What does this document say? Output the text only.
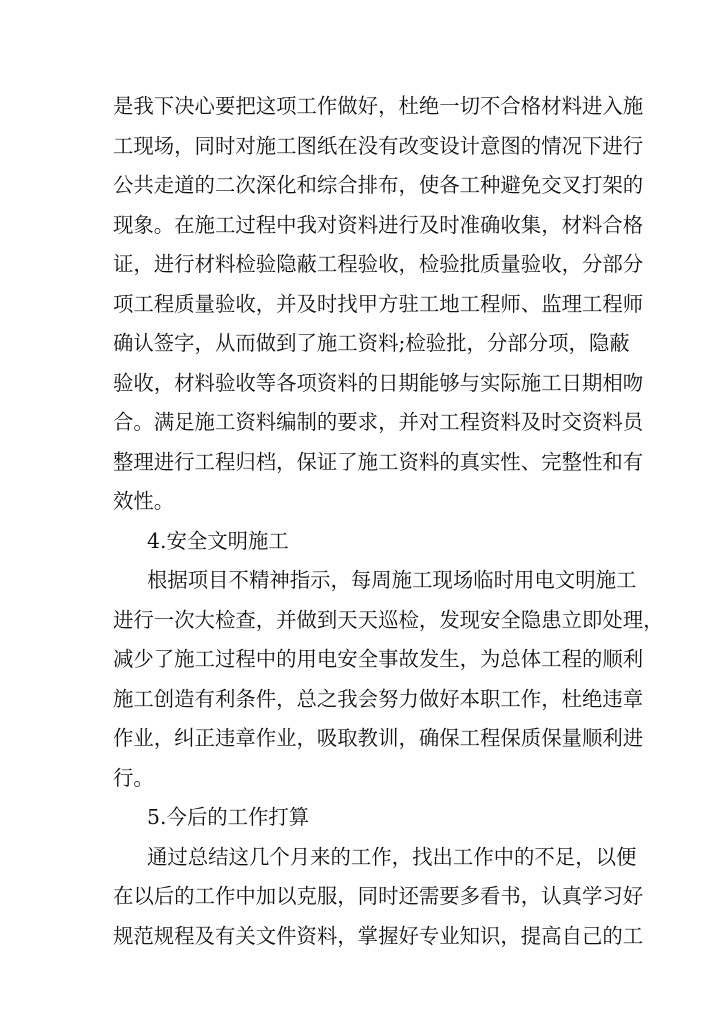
是我下决心要把这项工作做好，杜绝一切不合格材料进入施
工现场，同时对施工图纸在没有改变设计意图的情况下进行
公共走道的二次深化和综合排布，使各工种避免交叉打架的
现象。在施工过程中我对资料进行及时准确收集，材料合格
证，进行材料检验隐蔽工程验收，检验批质量验收，分部分
项工程质量验收，并及时找甲方驻工地工程师、监理工程师
确认签字，从而做到了施工资料;检验批，分部分项，隐蔽
验收，材料验收等各项资料的日期能够与实际施工日期相吻
合。满足施工资料编制的要求，并对工程资料及时交资料员
整理进行工程归档，保证了施工资料的真实性、完整性和有
效性。
4.安全文明施工
根据项目不精神指示，每周施工现场临时用电文明施工
进行一次大检查，并做到天天巡检，发现安全隐患立即处理，
减少了施工过程中的用电安全事故发生，为总体工程的顺利
施工创造有利条件，总之我会努力做好本职工作，杜绝违章
作业，纠正违章作业，吸取教训，确保工程保质保量顺利进
行。
5.今后的工作打算
通过总结这几个月来的工作，找出工作中的不足，以便
在以后的工作中加以克服，同时还需要多看书，认真学习好
规范规程及有关文件资料，掌握好专业知识，提高自己的工
